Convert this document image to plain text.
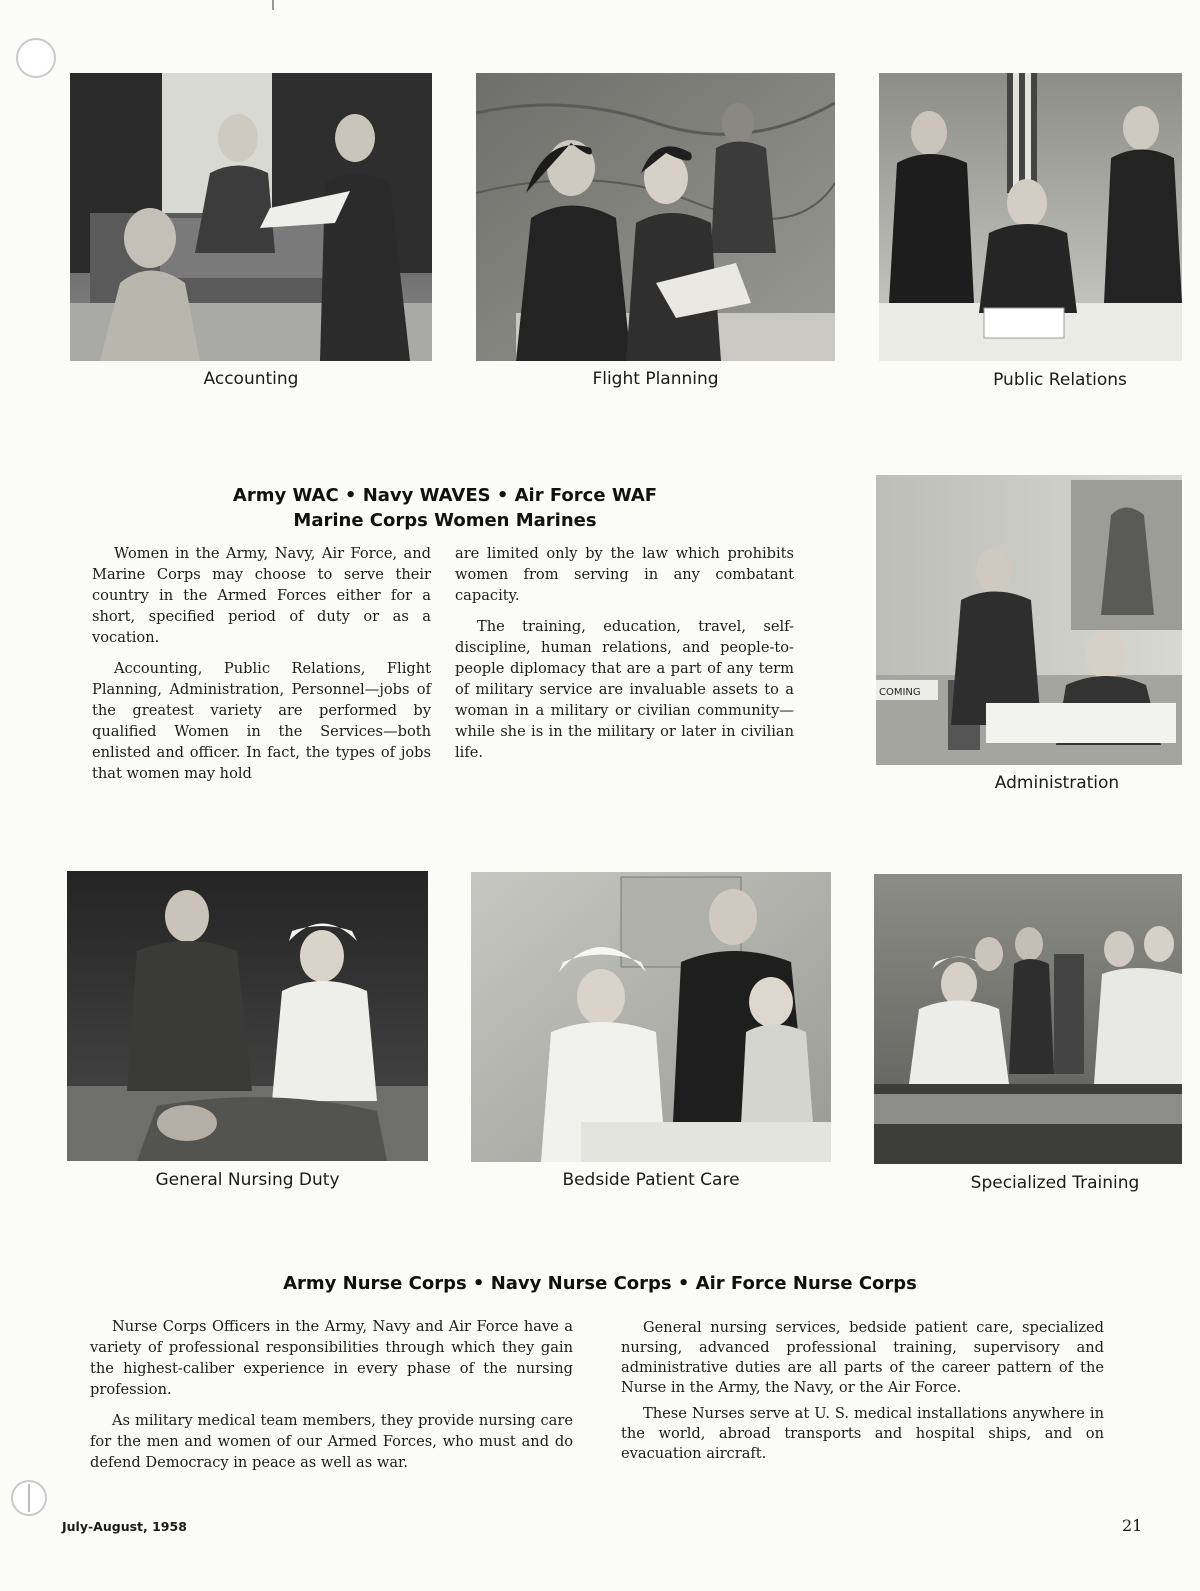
Accounting	Flight Planning	Public Relations
Army WAC • Navy WAVES • Air Force WAF
Marine Corps Women Marines

Women in the Army, Navy, Air Force, and Marine Corps may choose to serve their country in the Armed Forces either for a short, specified period of duty or as a vocation.

Accounting, Public Relations, Flight Planning, Administration, Personnel—jobs of the greatest variety are performed by qualified Women in the Services—both enlisted and officer. In fact, the types of jobs that women may hold

are limited only by the law which prohibits women from serving in any combatant capacity.

The training, education, travel, self-discipline, human relations, and people-to-people diplomacy that are a part of any term of military service are invaluable assets to a woman in a military or civilian community—while she is in the military or later in civilian life.

COMING
Administration
General Nursing Duty	Bedside Patient Care	Specialized Training
Army Nurse Corps • Navy Nurse Corps • Air Force Nurse Corps

Nurse Corps Officers in the Army, Navy and Air Force have a variety of professional responsibilities through which they gain the highest-caliber experience in every phase of the nursing profession.

As military medical team members, they provide nursing care for the men and women of our Armed Forces, who must and do defend Democracy in peace as well as war.

General nursing services, bedside patient care, specialized nursing, advanced professional training, supervisory and administrative duties are all parts of the career pattern of the Nurse in the Army, the Navy, or the Air Force.

These Nurses serve at U. S. medical installations anywhere in the world, abroad transports and hospital ships, and on evacuation aircraft.

July-August, 1958	21
